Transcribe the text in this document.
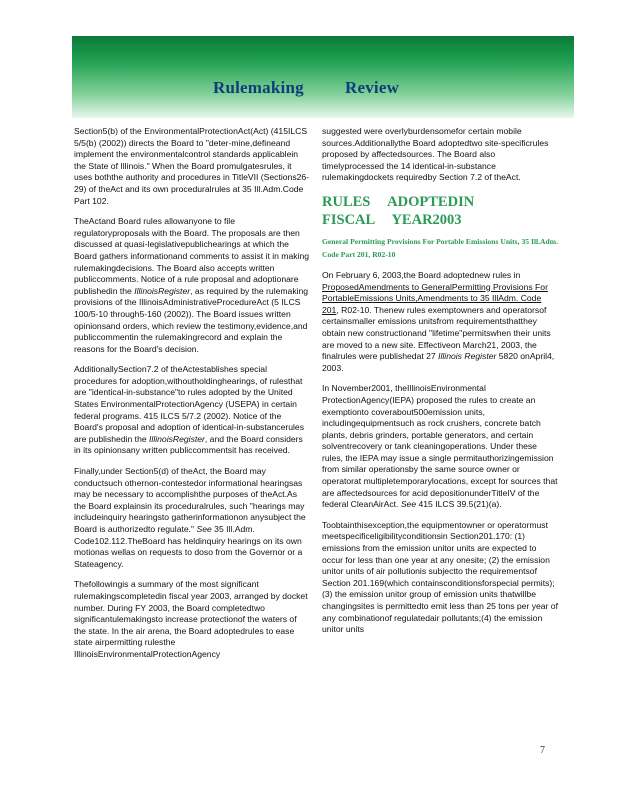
Rulemaking Review

Section5(b) of the EnvironmentalProtectionAct(Act) (415ILCS 5/5(b) (2002)) directs the Board to "deter-mine,defineand implement the environmentalcontrol standards applicablein the State of Illinois." When the Board promulgatesrules, it uses boththe authority and procedures in TitleVII (Sections26-29) of theAct and its own proceduralrules at 35 Ill.Adm.Code Part 102.

TheActand Board rules allowanyone to file regulatoryproposals with the Board. The proposals are then discussed at quasi-legislativepublichearings at which the Board gathers informationand comments to assist it in making rulemakingdecisions. The Board also accepts written publiccomments. Notice of a rule proposal and adoptionare publishedin the IllinoisRegister, as required by the rulemaking provisions of the IllinoisAdministrativeProcedureAct (5 ILCS 100/5-10 through5-160 (2002)). The Board issues written opinionsand orders, which review the testimony,evidence,and publiccommentin the rulemakingrecord and explain the reasons for the Board's decision.

AdditionallySection7.2 of theActestablishes special procedures for adoption,withoutholdinghearings, of rulesthat are "identical-in-substance"to rules adopted by the United States EnvironmentalProtectionAgency (USEPA) in certain federal programs. 415 ILCS 5/7.2 (2002). Notice of the Board's proposal and adoption of identical-in-substancerules are publishedin the IllinoisRegister, and the Board considers in its opinionsany written publiccommentsit has received.

Finally,under Section5(d) of theAct, the Board may conductsuch othernon-contestedor informational hearingsas may be necessary to accomplishthe purposes of theAct.As the Board explainsin its proceduralrules, such "hearings may includeinquiry hearingsto gatherinformationon anysubject the Board is authorizedto regulate." See 35 Ill.Adm. Code102.112.TheBoard has heldinquiry hearings on its own motionas wellas on requests to doso from the Governor or a Stateagency.

Thefollowingis a summary of the most significant rulemakingscompletedin fiscal year 2003, arranged by docket number. During FY 2003, the Board completedtwo significantulemakingsto increase protectionof the waters of the state. In the air arena, the Board adoptedrules to ease state airpermitting rulesthe IllinoisEnvironmentalProtectionAgency

suggested were overlyburdensomefor certain mobile sources.Additionallythe Board adoptedtwo site-specificrules proposed by affectedsources. The Board also timelyprocessed the 14 identical-in-substance rulemakingdockets requiredby Section 7.2 of theAct.

RULES ADOPTEDIN
FISCAL YEAR2003
General Permitting Provisions For Portable Emissions Units, 35 Ill.Adm. Code Part 201, R02-10

On February 6, 2003,the Board adoptednew rules in ProposedAmendments to GeneralPermitting Provisions For PortableEmissions Units,Amendments to 35 IllAdm. Code 201, R02-10. Thenew rules exemptowners and operatorsof certainsmaller emissions unitsfrom requirementsthatthey obtain new constructionand "lifetime"permitswhen their units are moved to a new site. Effectiveon March21, 2003, the finalrules were publishedat 27 Illinois Register 5820 onApril4, 2003.

In November2001, theIllinoisEnvironmental ProtectionAgency(IEPA) proposed the rules to create an exemptionto coverabout500emission units, includingequipmentsuch as rock crushers, concrete batch plants, debris grinders, portable generators, and certain solventrecovery or tank cleaningoperations. Under these rules, the IEPA may issue a single permitauthorizingemission from similar operationsby the same source owner or operatorat multipletemporarylocations, except for sources that are affectedsources for acid depositionunderTitleIV of the federal CleanAirAct. See 415 ILCS 39.5(21)(a).

Toobtainthisexception,the equipmentowner or operatormust meetspecificeligibilityconditionsin Section201.170: (1) emissions from the emission unitor units are expected to occur for less than one year at any onesite; (2) the emission unitor units of air pollutionis subjectto the requirementsof Section 201.169(which containsconditionsforspecial permits); (3) the emission unitor group of emission units thatwillbe changingsites is permittedto emit less than 25 tons per year of any combinationof regulatedair pollutants;(4) the emission unitor units

7
